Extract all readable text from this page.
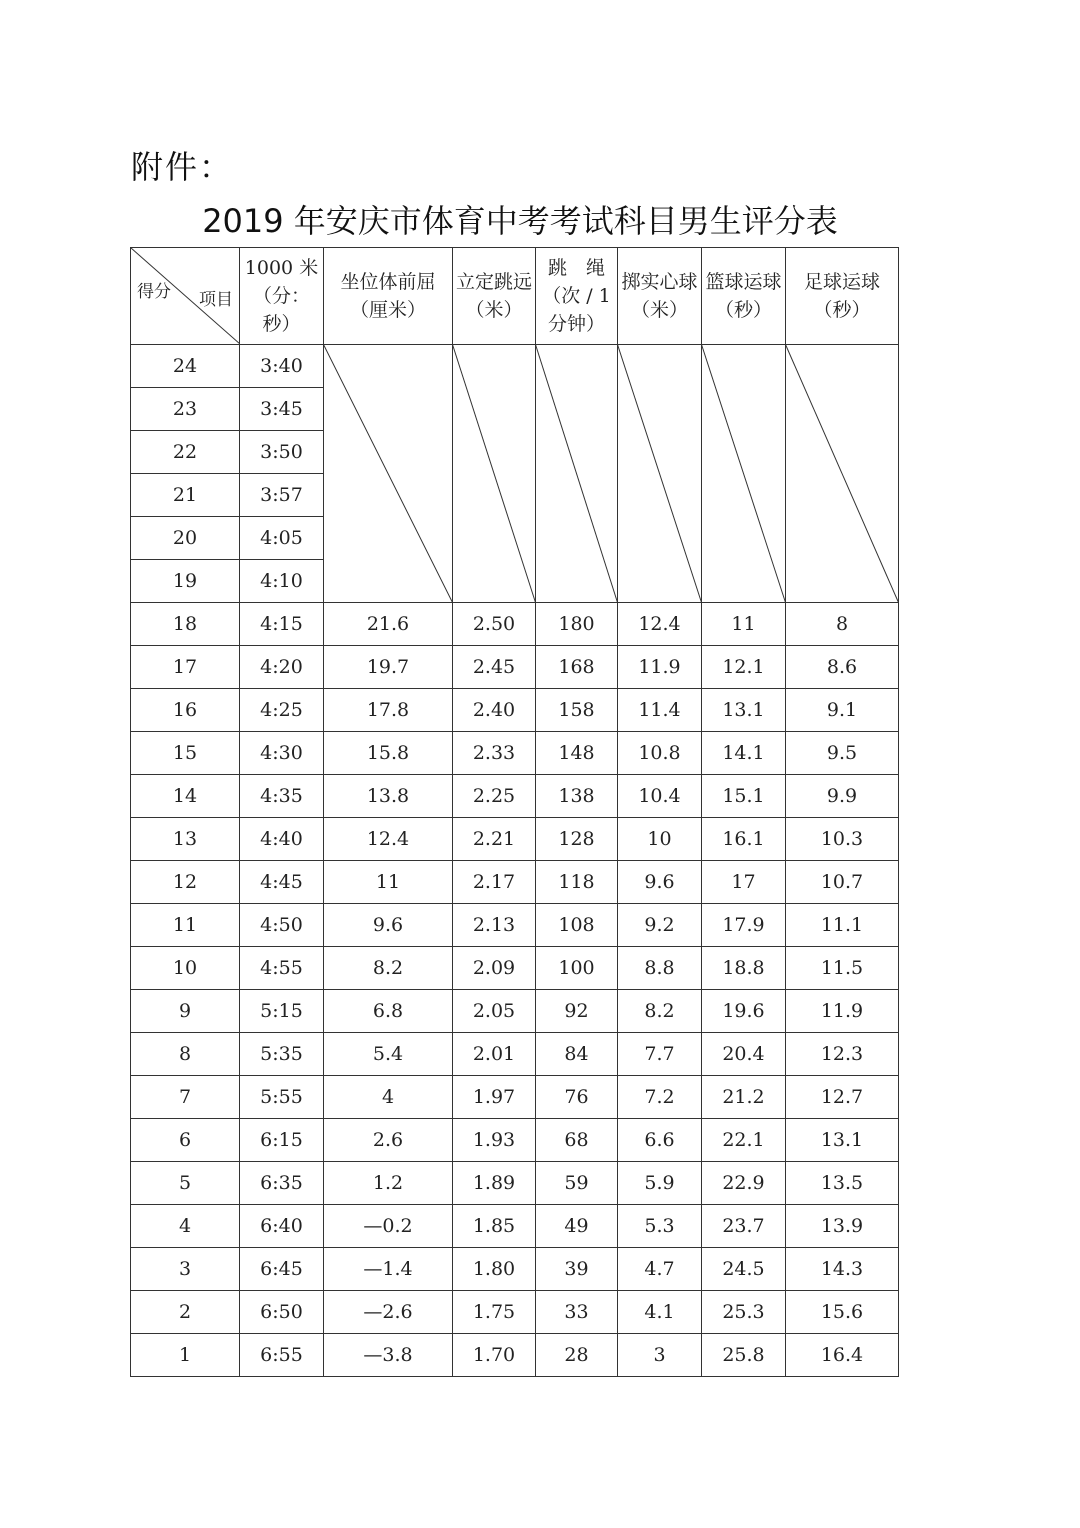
附件：
2019 年安庆市体育中考考试科目男生评分表
得分 项目	1000 米（分：秒）	坐位体前屈（厘米）	立定跳远（米）	跳　绳（次 / 1 分钟）	掷实心球（米）	篮球运球（秒）	足球运球（秒）

24	3:40						
23	3:45						
22	3:50						
21	3:57						
20	4:05						
19	4:10						
18	4:15	21.6	2.50	180	12.4	11	8
17	4:20	19.7	2.45	168	11.9	12.1	8.6
16	4:25	17.8	2.40	158	11.4	13.1	9.1
15	4:30	15.8	2.33	148	10.8	14.1	9.5
14	4:35	13.8	2.25	138	10.4	15.1	9.9
13	4:40	12.4	2.21	128	10	16.1	10.3
12	4:45	11	2.17	118	9.6	17	10.7
11	4:50	9.6	2.13	108	9.2	17.9	11.1
10	4:55	8.2	2.09	100	8.8	18.8	11.5
9	5:15	6.8	2.05	92	8.2	19.6	11.9
8	5:35	5.4	2.01	84	7.7	20.4	12.3
7	5:55	4	1.97	76	7.2	21.2	12.7
6	6:15	2.6	1.93	68	6.6	22.1	13.1
5	6:35	1.2	1.89	59	5.9	22.9	13.5
4	6:40	—0.2	1.85	49	5.3	23.7	13.9
3	6:45	—1.4	1.80	39	4.7	24.5	14.3
2	6:50	—2.6	1.75	33	4.1	25.3	15.6
1	6:55	—3.8	1.70	28	3	25.8	16.4
